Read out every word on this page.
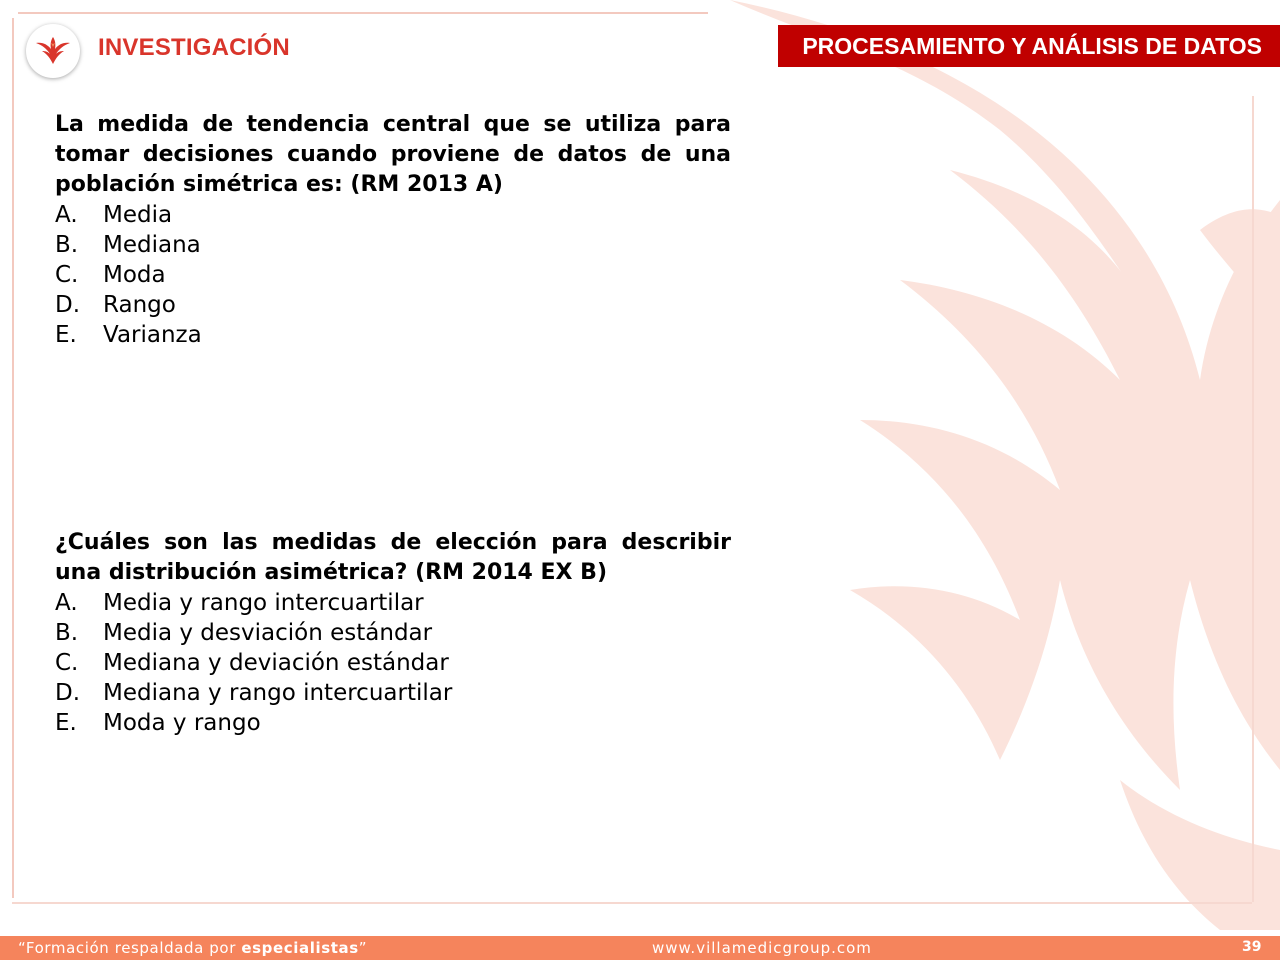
INVESTIGACIÓN	PROCESAMIENTO Y ANÁLISIS DE DATOS

La medida de tendencia central que se utiliza para tomar decisiones cuando proviene de datos de una población simétrica es: (RM 2013 A)

A.	Media
B.	Mediana
C.	Moda
D. Rango
E.	Varianza

¿Cuáles son las medidas de elección para describir una distribución asimétrica? (RM 2014 EX B)

A.	Media y rango intercuartilar
B.	Media y desviación estándar
C.	Mediana y deviación estándar
D. Mediana y rango intercuartilar
E.	Moda y rango
“Formación respaldada por especialistas”	www.villamedicgroup.com	39
